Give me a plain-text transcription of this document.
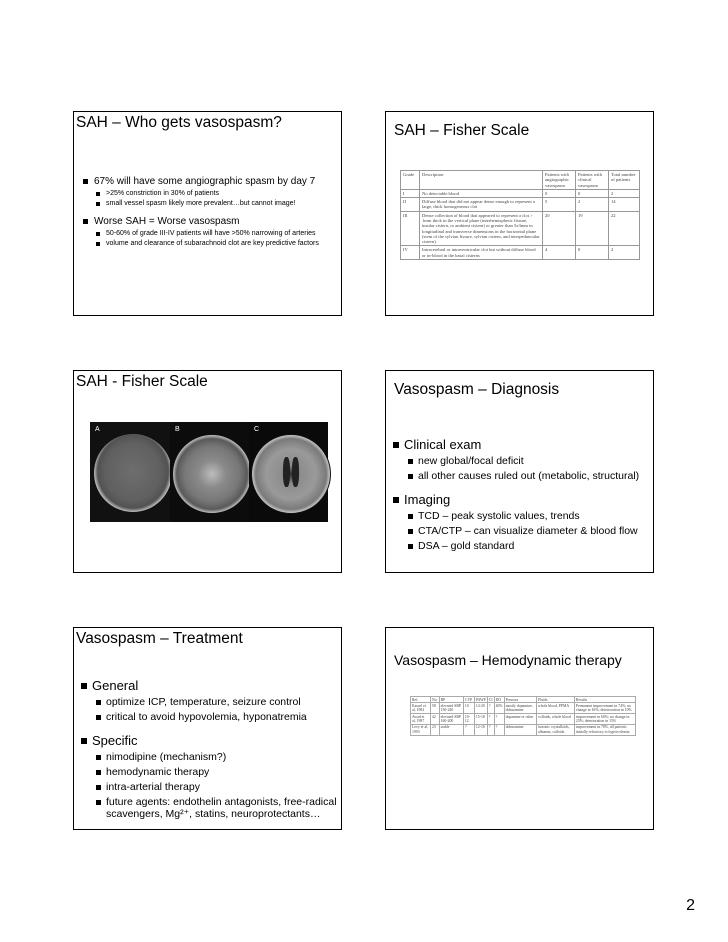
SAH – Who gets vasospasm?
67% will have some angiographic spasm by day 7
>25% constriction in 30% of patients
small vessel spasm likely more prevalent…but cannot image!
Worse SAH = Worse vasospasm
50-60% of grade III-IV patients will have >50% narrowing of arteries
volume and clearance of subarachnoid clot are key predictive factors
SAH – Fisher Scale
Grade	Description	Patients with angiographic vasospasm	Patients with clinical vasospasm	Total number of patients
I	No detectable blood	0	0	2
II	Diffuse blood that did not appear dense enough to represent a large, thick homogeneous clot	5	2	14
III	Dense collection of blood that appeared to represent a clot > 1mm thick in the vertical plane (interhemispheric fissure, insular cistern, or ambient cistern) or greater than 5x3mm in longitudinal and transverse dimensions in the horizontal plane (stem of the sylvian fissure, sylvian cistern, and interpeduncular cistern)	20	19	22
IV	Intracerebral or intraventricular clot but without diffuse blood or in-blood in the basal cisterns	4	0	2
SAH - Fisher Scale
A	B	C
Vasospasm – Diagnosis
Clinical exam
new global/focal deficit
all other causes ruled out (metabolic, structural)
Imaging
TCD – peak systolic values, trends
CTA/CTP – can visualize diameter & blood flow
DSA – gold standard
Vasospasm – Treatment
General
optimize ICP, temperature, seizure control
critical to avoid hypovolemia, hyponatremia
Specific
nimodipine (mechanism?)
hemodynamic therapy
intra-arterial therapy
future agents: endothelin antagonists, free-radical scavengers, Mg²⁺, statins, neuroprotectants…
Vasospasm – Hemodynamic therapy
Ref.	No.	BP	CVP	PAWP	CI	DO	Pressors	Fluids	Results
Kassel et al, 1982	58	elevated SBP 150-240	10	14-20	?	40%	mostly dopamine, dobutamine	whole blood, PPMA	Permanent improvement in 74%; no change in 16%; deterioration in 10%
Awad et al, 1987	42	elevated SBP 160-200	10-12	15-18	?	?	dopamine or other	colloids, whole blood	improvement in 60%; no change in 25%; deterioration in 15%
Levy et al, 1993	23	stable	?	12-16	?	?	dobutamine	isotonic crystalloids, albumin, colloids	improvement in 78%, all patients initially refractory to hypervolemia
2
